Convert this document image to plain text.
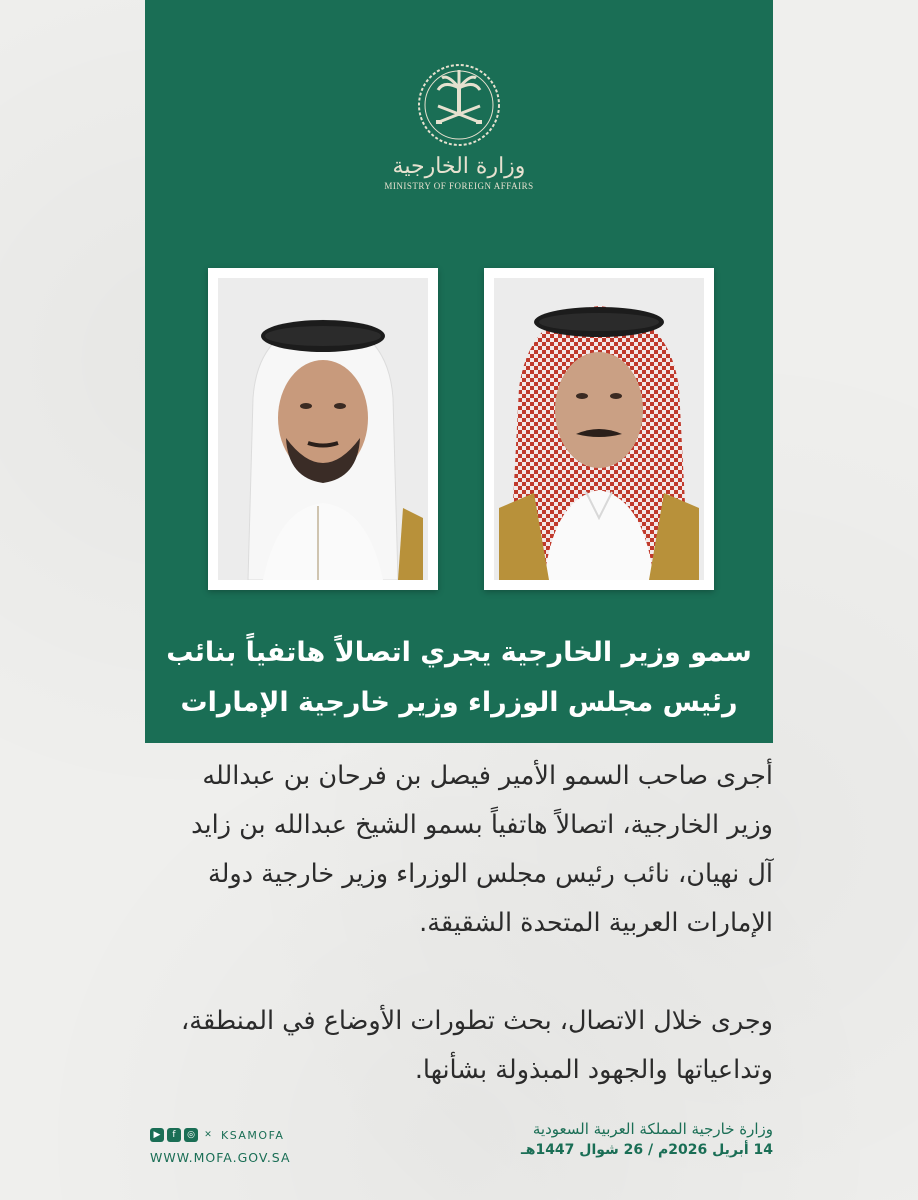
وزارة الخارجية
MINISTRY OF FOREIGN AFFAIRS
سمو وزير الخارجية يجري اتصالاً هاتفياً بنائب
رئيس مجلس الوزراء وزير خارجية الإمارات

أجرى صاحب السمو الأمير فيصل بن فرحان بن عبدالله

وزير الخارجية، اتصالاً هاتفياً بسمو الشيخ عبدالله بن زايد

آل نهيان، نائب رئيس مجلس الوزراء وزير خارجية دولة

الإمارات العربية المتحدة الشقيقة.

وجرى خلال الاتصال، بحث تطورات الأوضاع في المنطقة،

وتداعياتها والجهود المبذولة بشأنها.

▶	f	◎	✕ KSAMOFA
WWW.MOFA.GOV.SA
وزارة خارجية المملكة العربية السعودية
14 أبريل 2026م / 26 شوال 1447هـ
